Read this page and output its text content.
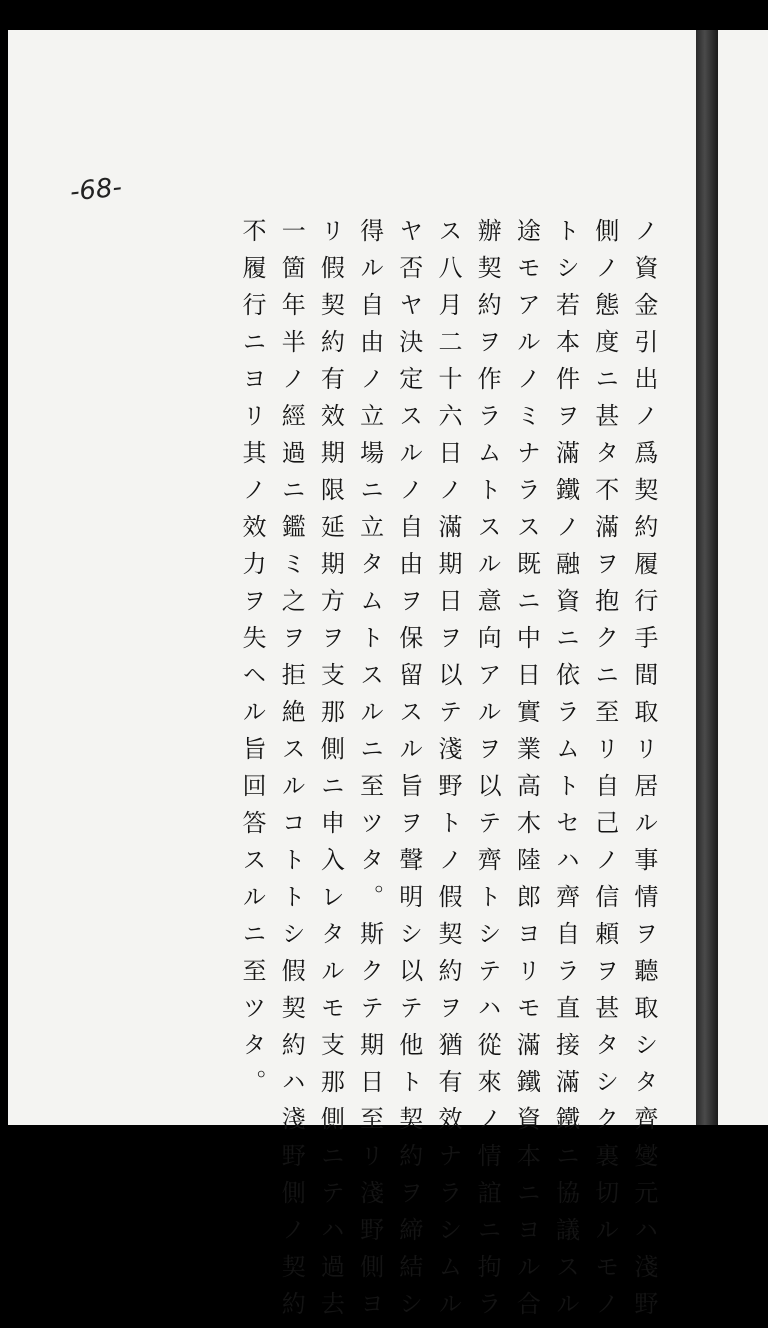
-68-
ノ資金引出ノ爲契約履行手間取リ居ル事情ヲ聽取シタ齊燮元ハ淺野
側ノ態度ニ甚タ不滿ヲ抱クニ至リ自己ノ信頼ヲ甚タシク裏切ルモノ
トシ若本件ヲ滿鐵ノ融資ニ依ラムトセハ齊自ラ直接滿鐵ニ協議スル
途モアルノミナラス既ニ中日實業高木陸郎ヨリモ滿鐵資本ニヨル合
辦契約ヲ作ラムトスル意向アルヲ以テ齊トシテハ從來ノ情誼ニ拘ラ
ス八月二十六日ノ滿期日ヲ以テ淺野トノ假契約ヲ猶有效ナラシムル
ヤ否ヤ決定スルノ自由ヲ保留スル旨ヲ聲明シ以テ他ト契約ヲ締結シ
得ル自由ノ立場ニ立タムトスルニ至ツタ。斯クテ期日至リ淺野側ヨ
リ假契約有效期限延期方ヲ支那側ニ申入レタルモ支那側ニテハ過去
一箇年半ノ經過ニ鑑ミ之ヲ拒絶スルコトトシ假契約ハ淺野側ノ契約
不履行ニヨリ其ノ效力ヲ失ヘル旨回答スルニ至ツタ。
